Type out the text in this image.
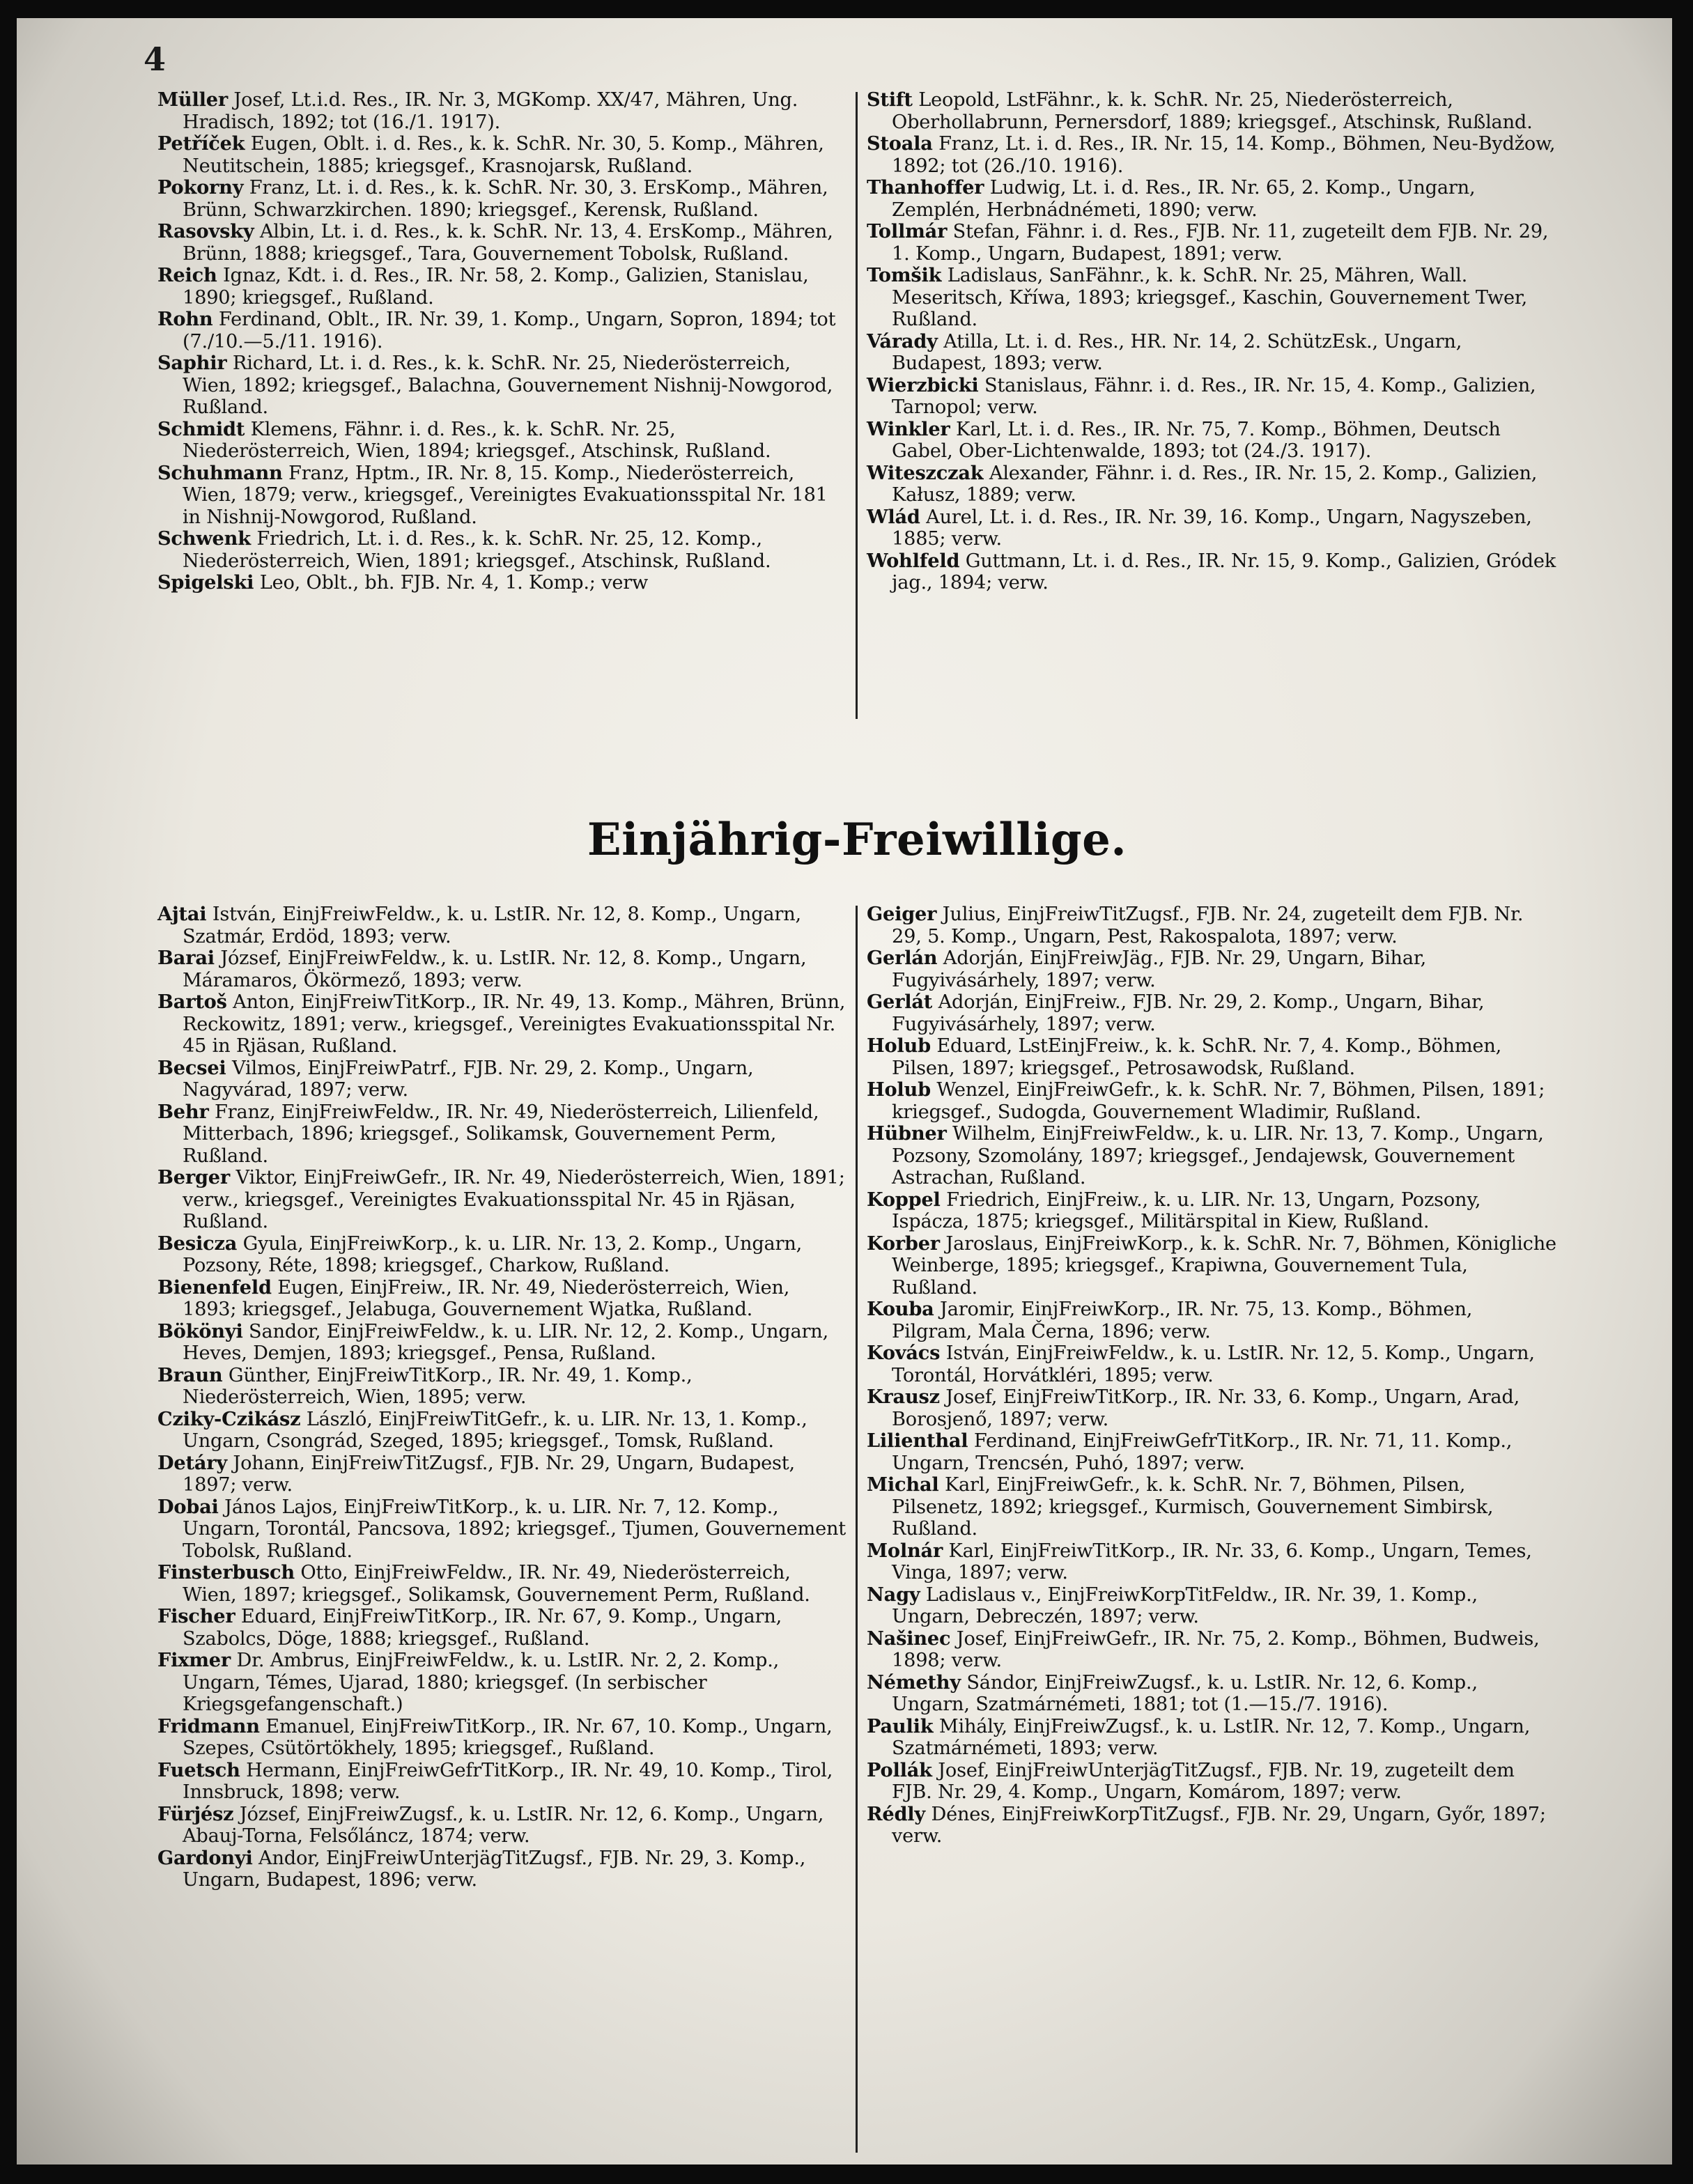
4
Müller Josef, Lt.i.d. Res., IR. Nr. 3, MGKomp. XX/47, Mähren, Ung. Hradisch, 1892; tot (16./1. 1917).
Petříček Eugen, Oblt. i. d. Res., k. k. SchR. Nr. 30, 5. Komp., Mähren, Neutitschein, 1885; kriegsgef., Krasnojarsk, Rußland.
Pokorny Franz, Lt. i. d. Res., k. k. SchR. Nr. 30, 3. ErsKomp., Mähren, Brünn, Schwarzkirchen. 1890; kriegsgef., Kerensk, Rußland.
Rasovsky Albin, Lt. i. d. Res., k. k. SchR. Nr. 13, 4. ErsKomp., Mähren, Brünn, 1888; kriegsgef., Tara, Gouvernement Tobolsk, Rußland.
Reich Ignaz, Kdt. i. d. Res., IR. Nr. 58, 2. Komp., Galizien, Stanislau, 1890; kriegsgef., Rußland.
Rohn Ferdinand, Oblt., IR. Nr. 39, 1. Komp., Ungarn, Sopron, 1894; tot (7./10.—5./11. 1916).
Saphir Richard, Lt. i. d. Res., k. k. SchR. Nr. 25, Niederösterreich, Wien, 1892; kriegsgef., Balachna, Gouvernement Nishnij-Nowgorod, Rußland.
Schmidt Klemens, Fähnr. i. d. Res., k. k. SchR. Nr. 25, Niederösterreich, Wien, 1894; kriegsgef., Atschinsk, Rußland.
Schuhmann Franz, Hptm., IR. Nr. 8, 15. Komp., Niederösterreich, Wien, 1879; verw., kriegsgef., Vereinigtes Evakuationsspital Nr. 181 in Nishnij-Nowgorod, Rußland.
Schwenk Friedrich, Lt. i. d. Res., k. k. SchR. Nr. 25, 12. Komp., Niederösterreich, Wien, 1891; kriegsgef., Atschinsk, Rußland.
Spigelski Leo, Oblt., bh. FJB. Nr. 4, 1. Komp.; verw
Stift Leopold, LstFähnr., k. k. SchR. Nr. 25, Niederösterreich, Oberhollabrunn, Pernersdorf, 1889; kriegsgef., Atschinsk, Rußland.
Stoala Franz, Lt. i. d. Res., IR. Nr. 15, 14. Komp., Böhmen, Neu-Bydžow, 1892; tot (26./10. 1916).
Thanhoffer Ludwig, Lt. i. d. Res., IR. Nr. 65, 2. Komp., Ungarn, Zemplén, Herbnádnémeti, 1890; verw.
Tollmár Stefan, Fähnr. i. d. Res., FJB. Nr. 11, zugeteilt dem FJB. Nr. 29, 1. Komp., Ungarn, Budapest, 1891; verw.
Tomšik Ladislaus, SanFähnr., k. k. SchR. Nr. 25, Mähren, Wall. Meseritsch, Kříwa, 1893; kriegsgef., Kaschin, Gouvernement Twer, Rußland.
Várady Atilla, Lt. i. d. Res., HR. Nr. 14, 2. SchützEsk., Ungarn, Budapest, 1893; verw.
Wierzbicki Stanislaus, Fähnr. i. d. Res., IR. Nr. 15, 4. Komp., Galizien, Tarnopol; verw.
Winkler Karl, Lt. i. d. Res., IR. Nr. 75, 7. Komp., Böhmen, Deutsch Gabel, Ober-Lichtenwalde, 1893; tot (24./3. 1917).
Witeszczak Alexander, Fähnr. i. d. Res., IR. Nr. 15, 2. Komp., Galizien, Kałusz, 1889; verw.
Wlád Aurel, Lt. i. d. Res., IR. Nr. 39, 16. Komp., Ungarn, Nagyszeben, 1885; verw.
Wohlfeld Guttmann, Lt. i. d. Res., IR. Nr. 15, 9. Komp., Galizien, Gródek jag., 1894; verw.
Einjährig-Freiwillige.
Ajtai István, EinjFreiwFeldw., k. u. LstIR. Nr. 12, 8. Komp., Ungarn, Szatmár, Erdöd, 1893; verw.
Barai József, EinjFreiwFeldw., k. u. LstIR. Nr. 12, 8. Komp., Ungarn, Máramaros, Ökörmező, 1893; verw.
Bartoš Anton, EinjFreiwTitKorp., IR. Nr. 49, 13. Komp., Mähren, Brünn, Reckowitz, 1891; verw., kriegsgef., Vereinigtes Evakuationsspital Nr. 45 in Rjäsan, Rußland.
Becsei Vilmos, EinjFreiwPatrf., FJB. Nr. 29, 2. Komp., Ungarn, Nagyvárad, 1897; verw.
Behr Franz, EinjFreiwFeldw., IR. Nr. 49, Niederösterreich, Lilienfeld, Mitterbach, 1896; kriegsgef., Solikamsk, Gouvernement Perm, Rußland.
Berger Viktor, EinjFreiwGefr., IR. Nr. 49, Niederösterreich, Wien, 1891; verw., kriegsgef., Vereinigtes Evakuationsspital Nr. 45 in Rjäsan, Rußland.
Besicza Gyula, EinjFreiwKorp., k. u. LIR. Nr. 13, 2. Komp., Ungarn, Pozsony, Réte, 1898; kriegsgef., Charkow, Rußland.
Bienenfeld Eugen, EinjFreiw., IR. Nr. 49, Niederösterreich, Wien, 1893; kriegsgef., Jelabuga, Gouvernement Wjatka, Rußland.
Bökönyi Sandor, EinjFreiwFeldw., k. u. LIR. Nr. 12, 2. Komp., Ungarn, Heves, Demjen, 1893; kriegsgef., Pensa, Rußland.
Braun Günther, EinjFreiwTitKorp., IR. Nr. 49, 1. Komp., Niederösterreich, Wien, 1895; verw.
Cziky-Czikász László, EinjFreiwTitGefr., k. u. LIR. Nr. 13, 1. Komp., Ungarn, Csongrád, Szeged, 1895; kriegsgef., Tomsk, Rußland.
Detáry Johann, EinjFreiwTitZugsf., FJB. Nr. 29, Ungarn, Budapest, 1897; verw.
Dobai János Lajos, EinjFreiwTitKorp., k. u. LIR. Nr. 7, 12. Komp., Ungarn, Torontál, Pancsova, 1892; kriegsgef., Tjumen, Gouvernement Tobolsk, Rußland.
Finsterbusch Otto, EinjFreiwFeldw., IR. Nr. 49, Niederösterreich, Wien, 1897; kriegsgef., Solikamsk, Gouvernement Perm, Rußland.
Fischer Eduard, EinjFreiwTitKorp., IR. Nr. 67, 9. Komp., Ungarn, Szabolcs, Döge, 1888; kriegsgef., Rußland.
Fixmer Dr. Ambrus, EinjFreiwFeldw., k. u. LstIR. Nr. 2, 2. Komp., Ungarn, Témes, Ujarad, 1880; kriegsgef. (In serbischer Kriegsgefangenschaft.)
Fridmann Emanuel, EinjFreiwTitKorp., IR. Nr. 67, 10. Komp., Ungarn, Szepes, Csütörtökhely, 1895; kriegsgef., Rußland.
Fuetsch Hermann, EinjFreiwGefrTitKorp., IR. Nr. 49, 10. Komp., Tirol, Innsbruck, 1898; verw.
Fürjész József, EinjFreiwZugsf., k. u. LstIR. Nr. 12, 6. Komp., Ungarn, Abauj-Torna, Felsőláncz, 1874; verw.
Gardonyi Andor, EinjFreiwUnterjägTitZugsf., FJB. Nr. 29, 3. Komp., Ungarn, Budapest, 1896; verw.
Geiger Julius, EinjFreiwTitZugsf., FJB. Nr. 24, zugeteilt dem FJB. Nr. 29, 5. Komp., Ungarn, Pest, Rakospalota, 1897; verw.
Gerlán Adorján, EinjFreiwJäg., FJB. Nr. 29, Ungarn, Bihar, Fugyivásárhely, 1897; verw.
Gerlát Adorján, EinjFreiw., FJB. Nr. 29, 2. Komp., Ungarn, Bihar, Fugyivásárhely, 1897; verw.
Holub Eduard, LstEinjFreiw., k. k. SchR. Nr. 7, 4. Komp., Böhmen, Pilsen, 1897; kriegsgef., Petrosawodsk, Rußland.
Holub Wenzel, EinjFreiwGefr., k. k. SchR. Nr. 7, Böhmen, Pilsen, 1891; kriegsgef., Sudogda, Gouvernement Wladimir, Rußland.
Hübner Wilhelm, EinjFreiwFeldw., k. u. LIR. Nr. 13, 7. Komp., Ungarn, Pozsony, Szomolány, 1897; kriegsgef., Jendajewsk, Gouvernement Astrachan, Rußland.
Koppel Friedrich, EinjFreiw., k. u. LIR. Nr. 13, Ungarn, Pozsony, Ispácza, 1875; kriegsgef., Militärspital in Kiew, Rußland.
Korber Jaroslaus, EinjFreiwKorp., k. k. SchR. Nr. 7, Böhmen, Königliche Weinberge, 1895; kriegsgef., Krapiwna, Gouvernement Tula, Rußland.
Kouba Jaromir, EinjFreiwKorp., IR. Nr. 75, 13. Komp., Böhmen, Pilgram, Mala Černa, 1896; verw.
Kovács István, EinjFreiwFeldw., k. u. LstIR. Nr. 12, 5. Komp., Ungarn, Torontál, Horvátkléri, 1895; verw.
Krausz Josef, EinjFreiwTitKorp., IR. Nr. 33, 6. Komp., Ungarn, Arad, Borosjenő, 1897; verw.
Lilienthal Ferdinand, EinjFreiwGefrTitKorp., IR. Nr. 71, 11. Komp., Ungarn, Trencsén, Puhó, 1897; verw.
Michal Karl, EinjFreiwGefr., k. k. SchR. Nr. 7, Böhmen, Pilsen, Pilsenetz, 1892; kriegsgef., Kurmisch, Gouvernement Simbirsk, Rußland.
Molnár Karl, EinjFreiwTitKorp., IR. Nr. 33, 6. Komp., Ungarn, Temes, Vinga, 1897; verw.
Nagy Ladislaus v., EinjFreiwKorpTitFeldw., IR. Nr. 39, 1. Komp., Ungarn, Debreczén, 1897; verw.
Našinec Josef, EinjFreiwGefr., IR. Nr. 75, 2. Komp., Böhmen, Budweis, 1898; verw.
Némethy Sándor, EinjFreiwZugsf., k. u. LstIR. Nr. 12, 6. Komp., Ungarn, Szatmárnémeti, 1881; tot (1.—15./7. 1916).
Paulik Mihály, EinjFreiwZugsf., k. u. LstIR. Nr. 12, 7. Komp., Ungarn, Szatmárnémeti, 1893; verw.
Pollák Josef, EinjFreiwUnterjägTitZugsf., FJB. Nr. 19, zugeteilt dem FJB. Nr. 29, 4. Komp., Ungarn, Komárom, 1897; verw.
Rédly Dénes, EinjFreiwKorpTitZugsf., FJB. Nr. 29, Ungarn, Győr, 1897; verw.
